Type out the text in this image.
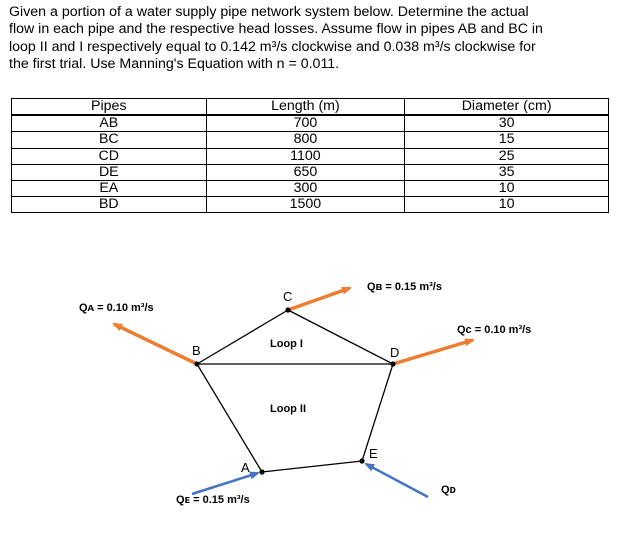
Given a portion of a water supply pipe network system below. Determine the actual
flow in each pipe and the respective head losses. Assume flow in pipes AB and BC in
loop II and I respectively equal to 0.142 m³/s clockwise and 0.038 m³/s clockwise for
the first trial. Use Manning's Equation with n = 0.011.
Pipes	Length (m)	Diameter (cm)
AB	700	30
BC	800	15
CD	1100	25
DE	650	35
EA	300	10
BD	1500	10
B
C
D
E
A
Loop I
Loop II
Qᴀ = 0.10 m³/s
Qʙ = 0.15 m³/s
Qᴄ = 0.10 m³/s
Qᴅ
Qᴇ = 0.15 m³/s
